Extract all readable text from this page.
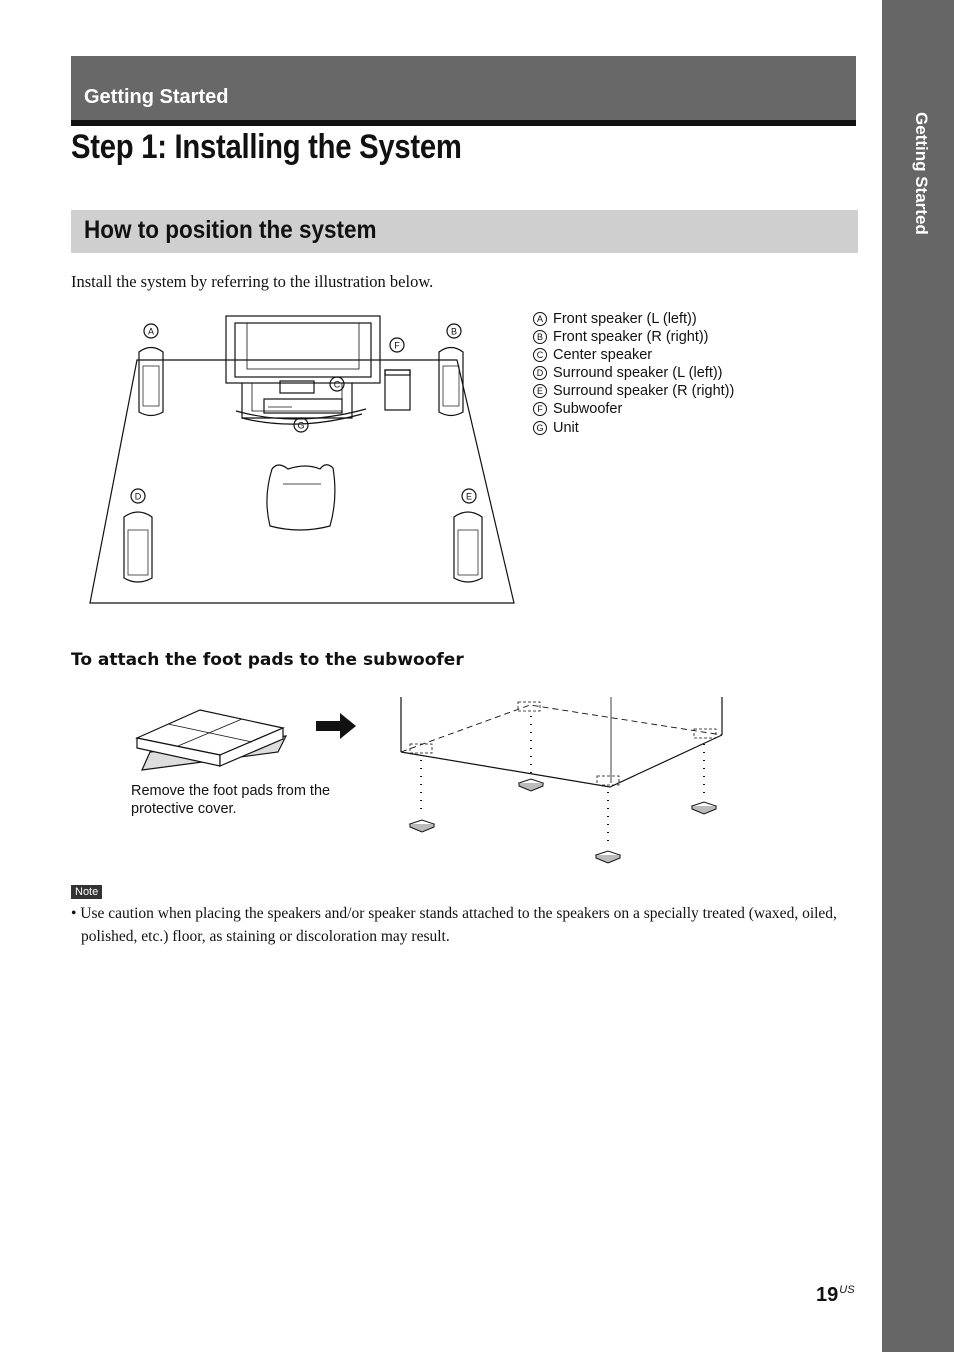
Getting Started
Getting Started
Step 1: Installing the System
How to position the system
Install the system by referring to the illustration below.
A	B
F
C
G
D	E
A Front speaker (L (left))
B Front speaker (R (right))
C Center speaker
D Surround speaker (L (left))
E Surround speaker (R (right))
F Subwoofer
G Unit
To attach the foot pads to the subwoofer
Remove the foot pads from the protective cover.
Note
• Use caution when placing the speakers and/or speaker stands attached to the speakers on a specially treated (waxed, oiled, polished, etc.) floor, as staining or discoloration may result.
$19^{US}$
